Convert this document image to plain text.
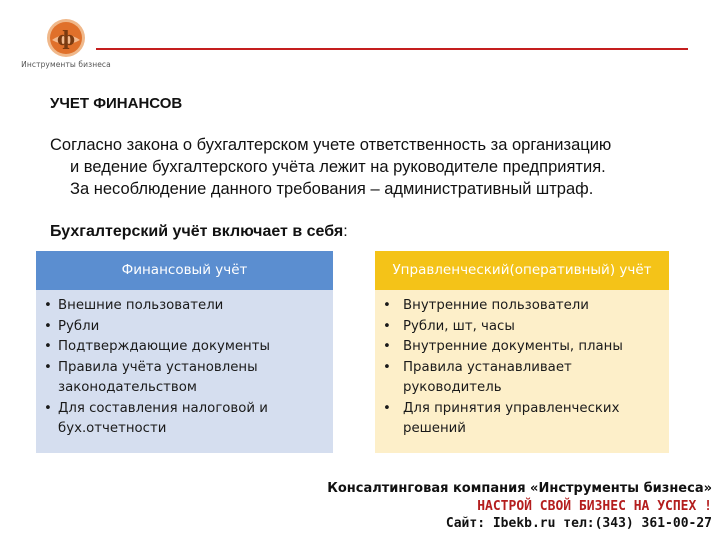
ф
Инструменты бизнеса
УЧЕТ ФИНАНСОВ
Согласно закона о бухгалтерском учете ответственность за организацию
и ведение бухгалтерского учёта лежит на руководителе предприятия.
За несоблюдение данного требования – административный штраф.
Бухгалтерский учёт включает в себя:
Финансовый учёт
• Внешние пользователи
• Рубли
• Подтверждающие документы
• Правила учёта установлены законодательством
• Для составления налоговой и бух.отчетности
Управленческий(оперативный) учёт
• Внутренние пользователи
• Рубли, шт, часы
• Внутренние документы, планы
• Правила устанавливает руководитель
• Для принятия управленческих решений
Консалтинговая компания «Инструменты бизнеса»
НАСТРОЙ СВОЙ БИЗНЕС НА УСПЕХ !
Сайт: Ibekb.ru тел:(343) 361-00-27
